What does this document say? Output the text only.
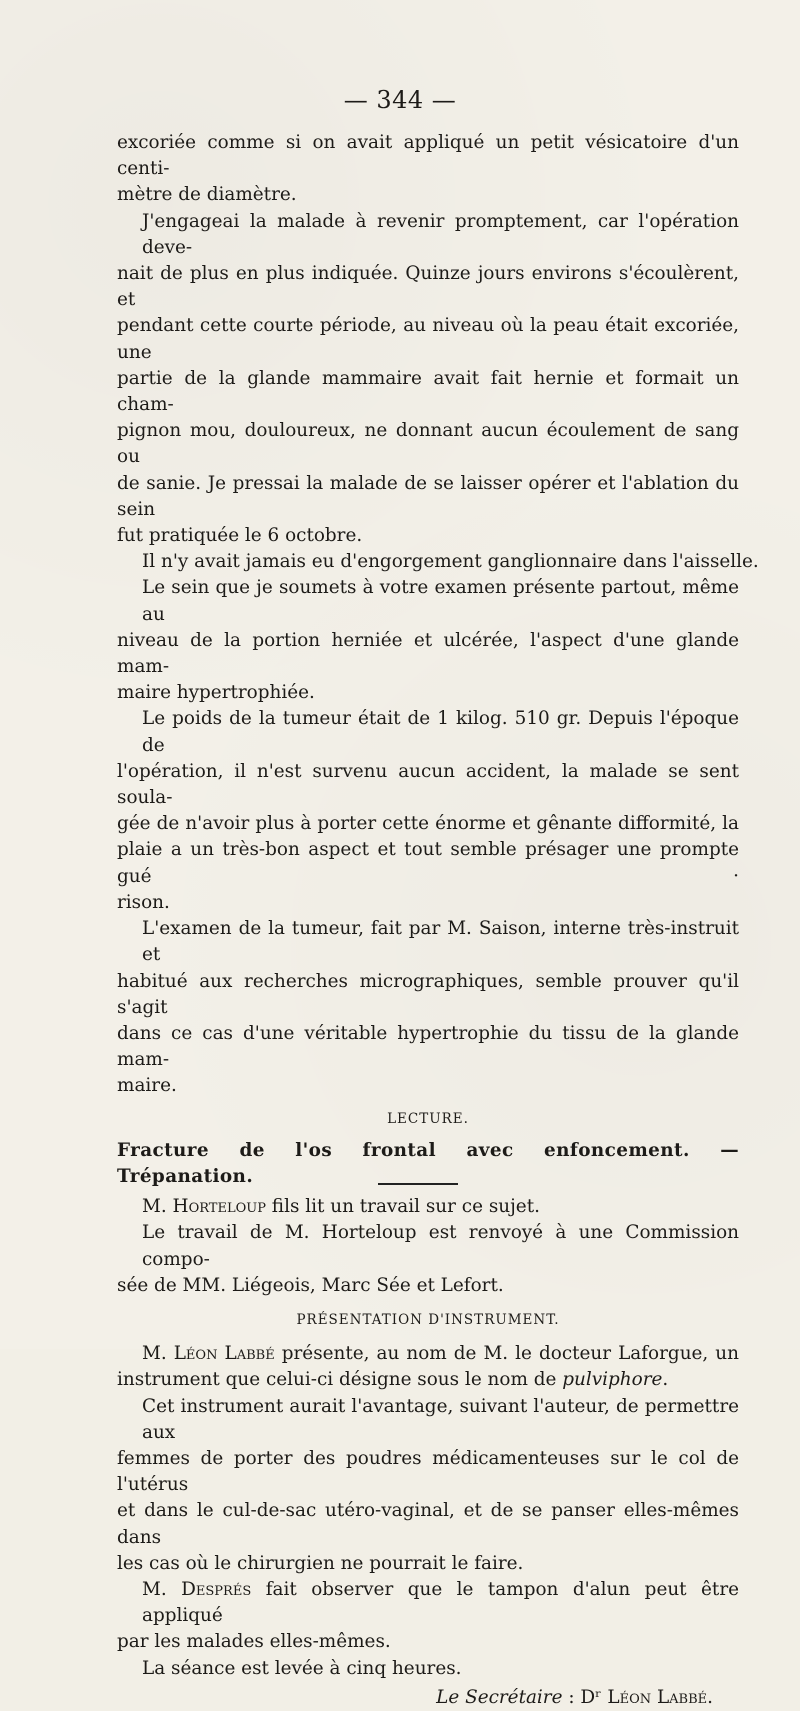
— 344 —
excoriée comme si on avait appliqué un petit vésicatoire d'un centi-
mètre de diamètre.
J'engageai la malade à revenir promptement, car l'opération deve-
nait de plus en plus indiquée. Quinze jours environs s'écoulèrent, et
pendant cette courte période, au niveau où la peau était excoriée, une
partie de la glande mammaire avait fait hernie et formait un cham-
pignon mou, douloureux, ne donnant aucun écoulement de sang ou
de sanie. Je pressai la malade de se laisser opérer et l'ablation du sein
fut pratiquée le 6 octobre.
Il n'y avait jamais eu d'engorgement ganglionnaire dans l'aisselle.
Le sein que je soumets à votre examen présente partout, même au
niveau de la portion herniée et ulcérée, l'aspect d'une glande mam-
maire hypertrophiée.
Le poids de la tumeur était de 1 kilog. 510 gr. Depuis l'époque de
l'opération, il n'est survenu aucun accident, la malade se sent soula-
gée de n'avoir plus à porter cette énorme et gênante difformité, la
plaie a un très-bon aspect et tout semble présager une prompte gué ·
rison.
L'examen de la tumeur, fait par M. Saison, interne très-instruit et
habitué aux recherches micrographiques, semble prouver qu'il s'agit
dans ce cas d'une véritable hypertrophie du tissu de la glande mam-
maire.
LECTURE.
Fracture de l'os frontal avec enfoncement. — Trépanation.
M. Horteloup fils lit un travail sur ce sujet.
Le travail de M. Horteloup est renvoyé à une Commission compo-
sée de MM. Liégeois, Marc Sée et Lefort.
PRÉSENTATION D'INSTRUMENT.
M. Léon Labbé présente, au nom de M. le docteur Laforgue, un
instrument que celui-ci désigne sous le nom de pulviphore.
Cet instrument aurait l'avantage, suivant l'auteur, de permettre aux
femmes de porter des poudres médicamenteuses sur le col de l'utérus
et dans le cul-de-sac utéro-vaginal, et de se panser elles-mêmes dans
les cas où le chirurgien ne pourrait le faire.
M. Després fait observer que le tampon d'alun peut être appliqué
par les malades elles-mêmes.
La séance est levée à cinq heures.
Le Secrétaire : Dʳ Léon Labbé.
